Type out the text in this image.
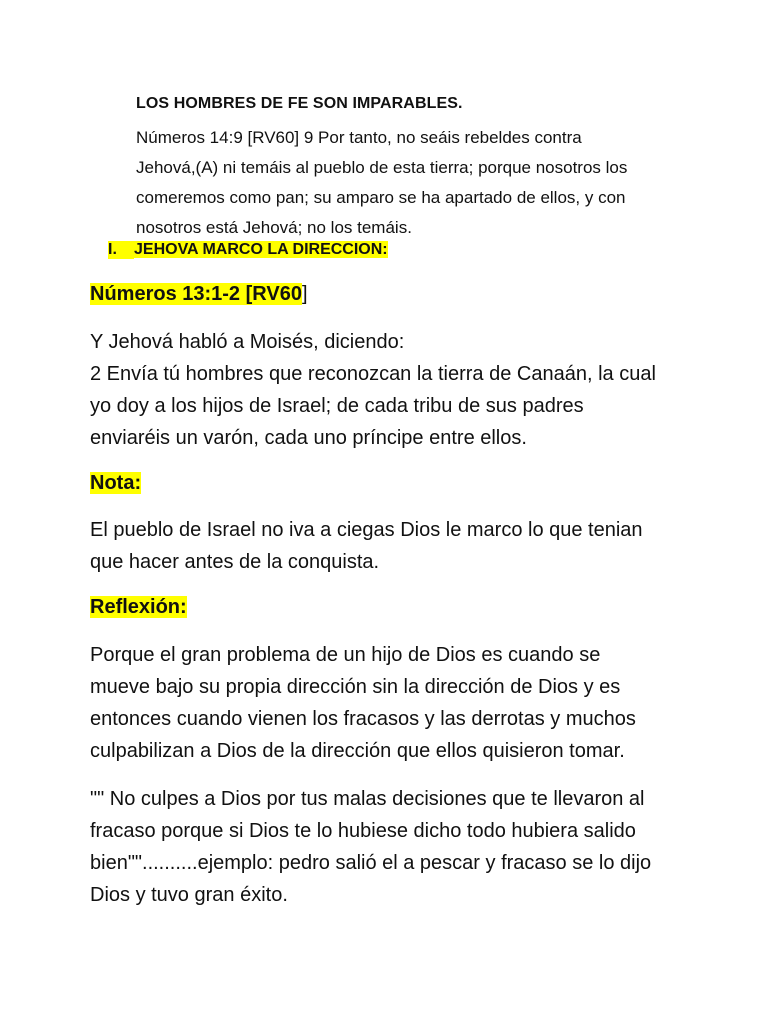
LOS HOMBRES DE FE SON IMPARABLES.
Números 14:9 [RV60] 9 Por tanto, no seáis rebeldes contra
Jehová,(A) ni temáis al pueblo de esta tierra; porque nosotros los
comeremos como pan; su amparo se ha apartado de ellos, y con
nosotros está Jehová; no los temáis.
I. JEHOVA MARCO LA DIRECCION:
Números 13:1-2 [RV60]
Y Jehová habló a Moisés, diciendo:
2 Envía tú hombres que reconozcan la tierra de Canaán, la cual
yo doy a los hijos de Israel; de cada tribu de sus padres
enviaréis un varón, cada uno príncipe entre ellos.
Nota:
El pueblo de Israel no iva a ciegas Dios le marco lo que tenian
que hacer antes de la conquista.
Reflexión:
Porque el gran problema de un hijo de Dios es cuando se
mueve bajo su propia dirección sin la dirección de Dios y es
entonces cuando vienen los fracasos y las derrotas y muchos
culpabilizan a Dios de la dirección que ellos quisieron tomar.
"" No culpes a Dios por tus malas decisiones que te llevaron al
fracaso porque si Dios te lo hubiese dicho todo hubiera salido
bien""..........ejemplo: pedro salió el a pescar y fracaso se lo dijo
Dios y tuvo gran éxito.
